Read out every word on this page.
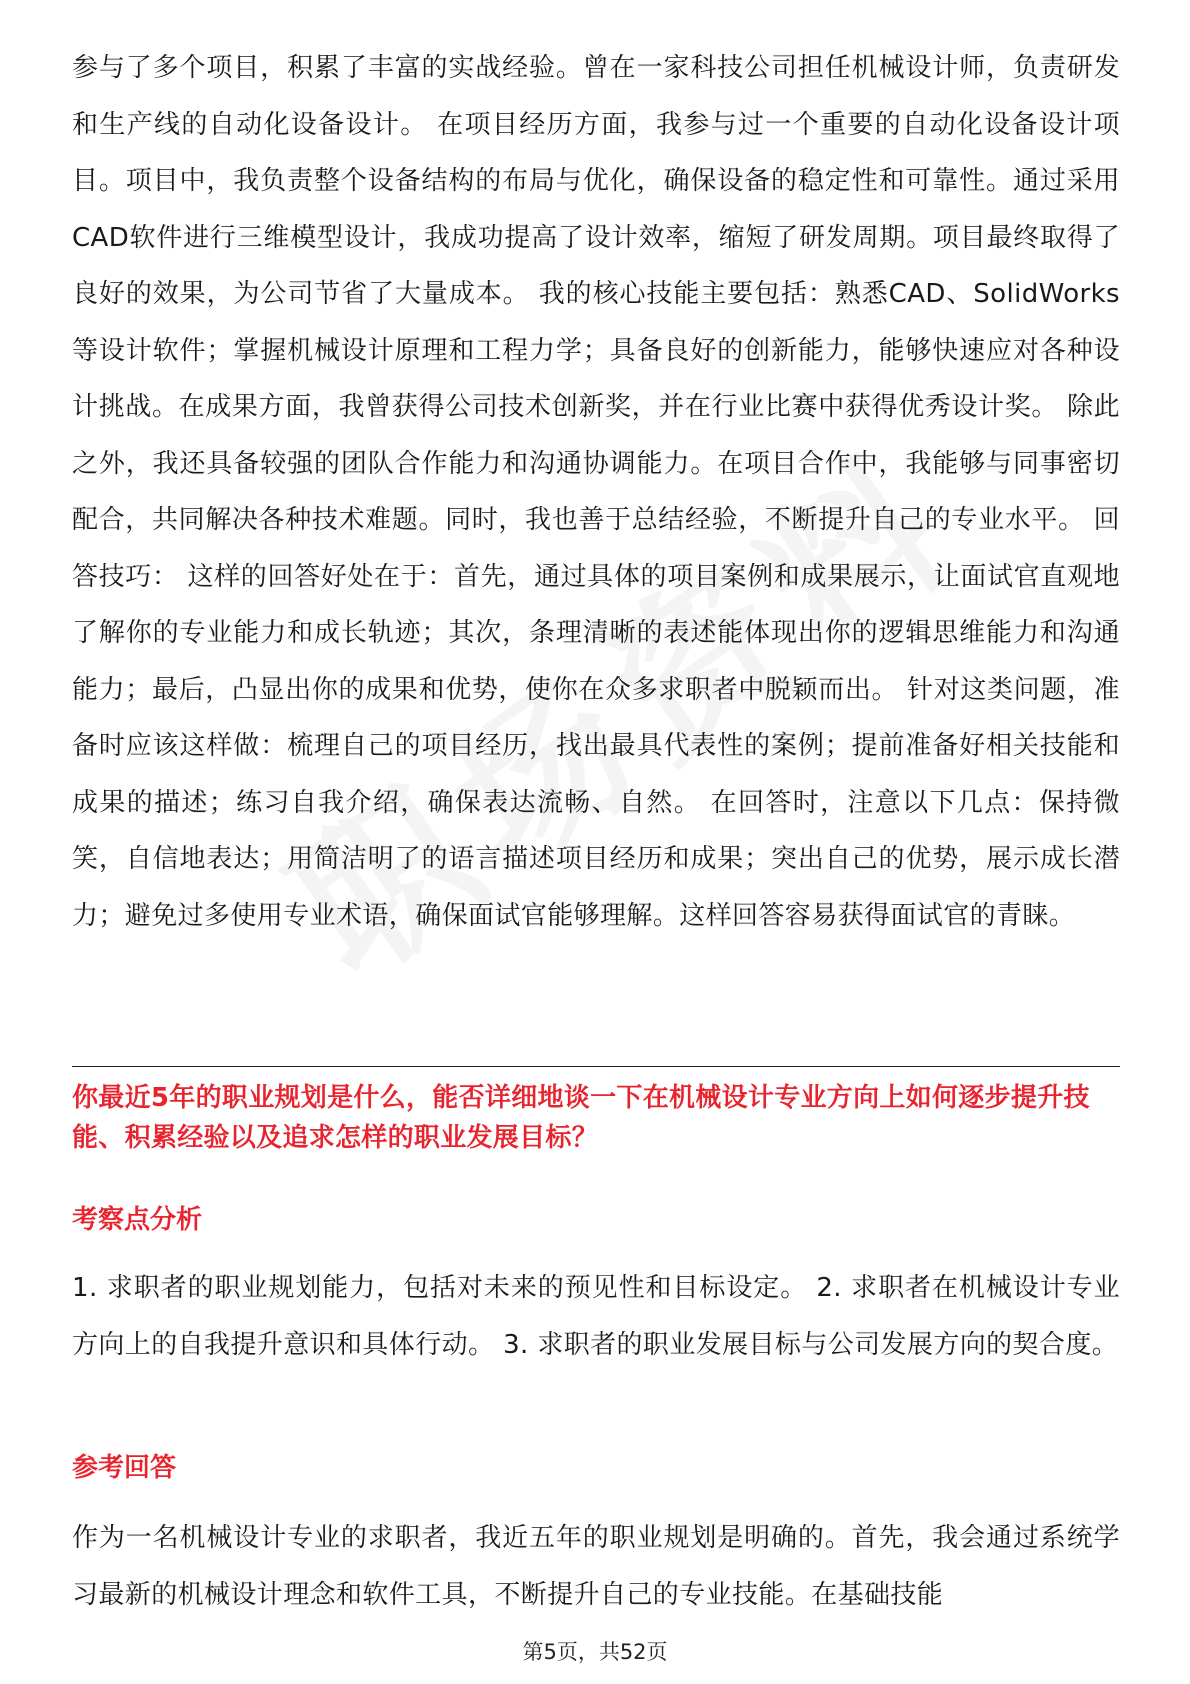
参与了多个项目，积累了丰富的实战经验。曾在一家科技公司担任机械设计师，负责研发和生产线的自动化设备设计。 在项目经历方面，我参与过一个重要的自动化设备设计项目。项目中，我负责整个设备结构的布局与优化，确保设备的稳定性和可靠性。通过采用CAD软件进行三维模型设计，我成功提高了设计效率，缩短了研发周期。项目最终取得了良好的效果，为公司节省了大量成本。 我的核心技能主要包括：熟悉CAD、SolidWorks等设计软件；掌握机械设计原理和工程力学；具备良好的创新能力，能够快速应对各种设计挑战。在成果方面，我曾获得公司技术创新奖，并在行业比赛中获得优秀设计奖。 除此之外，我还具备较强的团队合作能力和沟通协调能力。在项目合作中，我能够与同事密切配合，共同解决各种技术难题。同时，我也善于总结经验，不断提升自己的专业水平。 回答技巧： 这样的回答好处在于：首先，通过具体的项目案例和成果展示，让面试官直观地了解你的专业能力和成长轨迹；其次，条理清晰的表述能体现出你的逻辑思维能力和沟通能力；最后，凸显出你的成果和优势，使你在众多求职者中脱颖而出。 针对这类问题，准备时应该这样做：梳理自己的项目经历，找出最具代表性的案例；提前准备好相关技能和成果的描述；练习自我介绍，确保表达流畅、自然。 在回答时，注意以下几点：保持微笑，自信地表达；用简洁明了的语言描述项目经历和成果；突出自己的优势，展示成长潜力；避免过多使用专业术语，确保面试官能够理解。这样回答容易获得面试官的青睐。

你最近5年的职业规划是什么，能否详细地谈一下在机械设计专业方向上如何逐步提升技能、积累经验以及追求怎样的职业发展目标？

考察点分析

1. 求职者的职业规划能力，包括对未来的预见性和目标设定。 2. 求职者在机械设计专业方向上的自我提升意识和具体行动。 3. 求职者的职业发展目标与公司发展方向的契合度。

参考回答

作为一名机械设计专业的求职者，我近五年的职业规划是明确的。首先，我会通过系统学习最新的机械设计理念和软件工具，不断提升自己的专业技能。在基础技能

第5页，共52页
